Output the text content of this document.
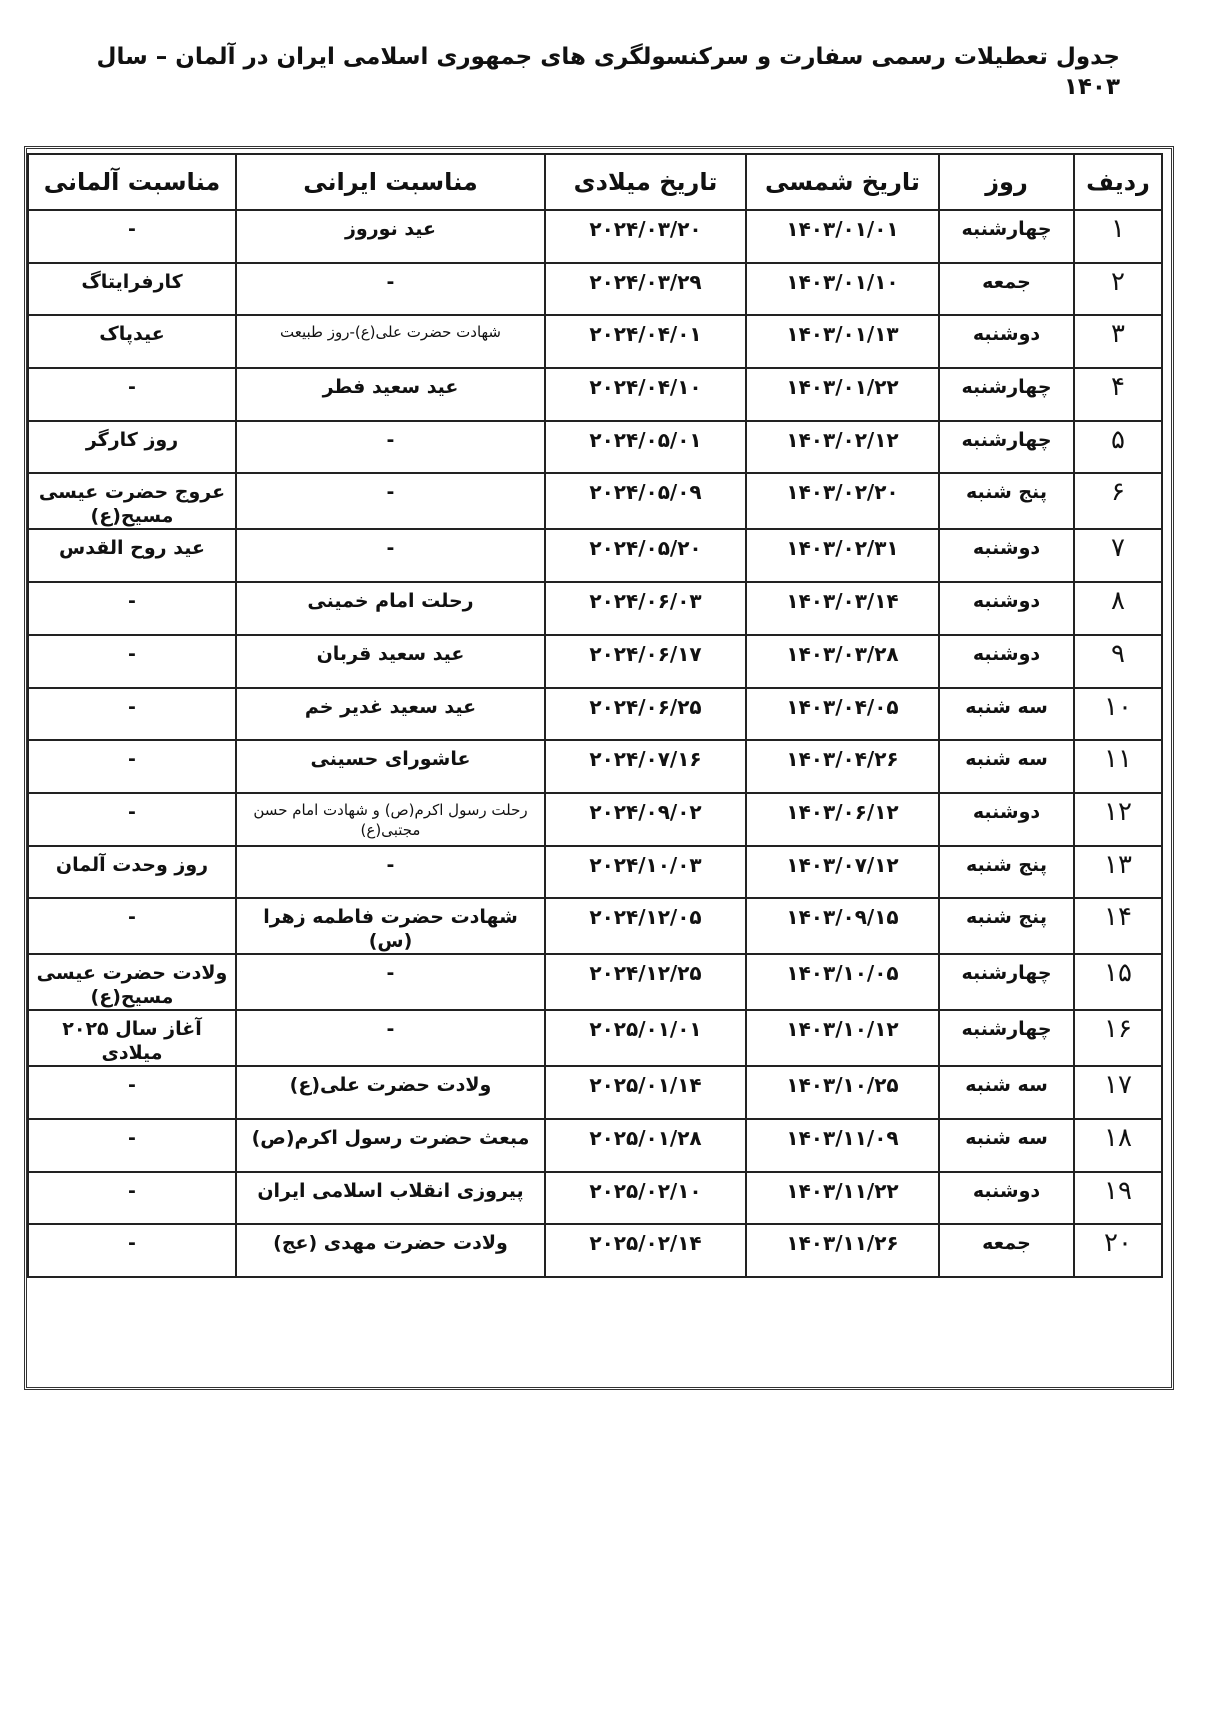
جدول تعطیلات رسمی سفارت و سرکنسولگری های جمهوری اسلامی ایران در آلمان – سال ۱۴۰۳
ردیف	روز	تاریخ شمسی	تاریخ میلادی	مناسبت ایرانی	مناسبت آلمانی
۱	چهارشنبه	۱۴۰۳/۰۱/۰۱	۲۰۲۴/۰۳/۲۰	عید نوروز	-
۲	جمعه	۱۴۰۳/۰۱/۱۰	۲۰۲۴/۰۳/۲۹	-	کارفرایتاگ
۳	دوشنبه	۱۴۰۳/۰۱/۱۳	۲۰۲۴/۰۴/۰۱	شهادت حضرت علی(ع)-روز طبیعت	عیدپاک
۴	چهارشنبه	۱۴۰۳/۰۱/۲۲	۲۰۲۴/۰۴/۱۰	عید سعید فطر	-
۵	چهارشنبه	۱۴۰۳/۰۲/۱۲	۲۰۲۴/۰۵/۰۱	-	روز کارگر
۶	پنج شنبه	۱۴۰۳/۰۲/۲۰	۲۰۲۴/۰۵/۰۹	-	عروج حضرت عیسی مسیح(ع)
۷	دوشنبه	۱۴۰۳/۰۲/۳۱	۲۰۲۴/۰۵/۲۰	-	عید روح القدس
۸	دوشنبه	۱۴۰۳/۰۳/۱۴	۲۰۲۴/۰۶/۰۳	رحلت امام خمینی	-
۹	دوشنبه	۱۴۰۳/۰۳/۲۸	۲۰۲۴/۰۶/۱۷	عید سعید قربان	-
۱۰	سه شنبه	۱۴۰۳/۰۴/۰۵	۲۰۲۴/۰۶/۲۵	عید سعید غدیر خم	-
۱۱	سه شنبه	۱۴۰۳/۰۴/۲۶	۲۰۲۴/۰۷/۱۶	عاشورای حسینی	-
۱۲	دوشنبه	۱۴۰۳/۰۶/۱۲	۲۰۲۴/۰۹/۰۲	رحلت رسول اکرم(ص) و شهادت امام حسن مجتبی(ع)	-
۱۳	پنج شنبه	۱۴۰۳/۰۷/۱۲	۲۰۲۴/۱۰/۰۳	-	روز وحدت آلمان
۱۴	پنج شنبه	۱۴۰۳/۰۹/۱۵	۲۰۲۴/۱۲/۰۵	شهادت حضرت فاطمه زهرا (س)	-
۱۵	چهارشنبه	۱۴۰۳/۱۰/۰۵	۲۰۲۴/۱۲/۲۵	-	ولادت حضرت عیسی مسیح(ع)
۱۶	چهارشنبه	۱۴۰۳/۱۰/۱۲	۲۰۲۵/۰۱/۰۱	-	آغاز سال ۲۰۲۵ میلادی
۱۷	سه شنبه	۱۴۰۳/۱۰/۲۵	۲۰۲۵/۰۱/۱۴	ولادت حضرت علی(ع)	-
۱۸	سه شنبه	۱۴۰۳/۱۱/۰۹	۲۰۲۵/۰۱/۲۸	مبعث حضرت رسول اکرم(ص)	-
۱۹	دوشنبه	۱۴۰۳/۱۱/۲۲	۲۰۲۵/۰۲/۱۰	پیروزی انقلاب اسلامی ایران	-
۲۰	جمعه	۱۴۰۳/۱۱/۲۶	۲۰۲۵/۰۲/۱۴	ولادت حضرت مهدی (عج)	-
